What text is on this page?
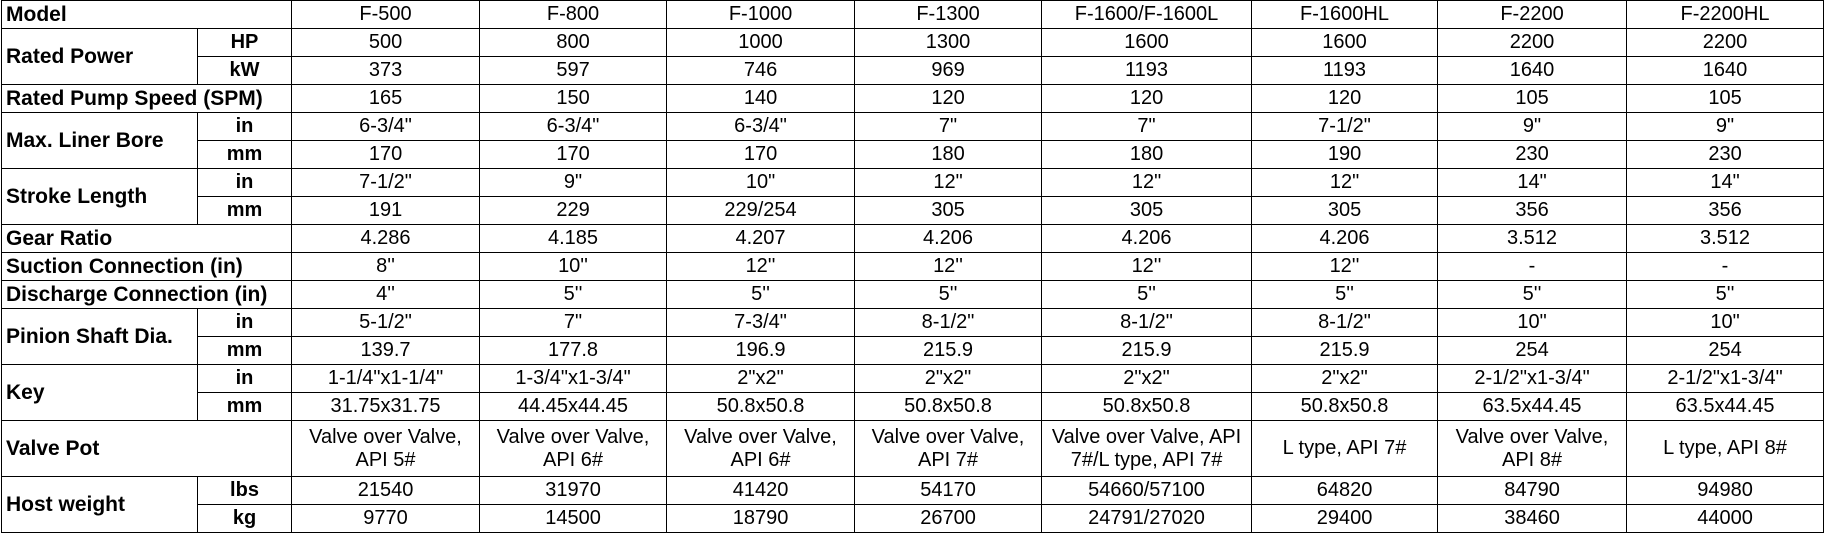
Model		F-500	F-800	F-1000	F-1300	F-1600/F-1600L	F-1600HL	F-2200	F-2200HL
Rated Power	HP	500	800	1000	1300	1600	1600	2200	2200
	kW	373	597	746	969	1193	1193	1640	1640
Rated Pump Speed (SPM)		165	150	140	120	120	120	105	105
Max. Liner Bore	in	6-3/4"	6-3/4"	6-3/4"	7"	7"	7-1/2"	9"	9"
	mm	170	170	170	180	180	190	230	230
Stroke Length	in	7-1/2"	9"	10"	12"	12"	12"	14"	14"
	mm	191	229	229/254	305	305	305	356	356
Gear Ratio		4.286	4.185	4.207	4.206	4.206	4.206	3.512	3.512
Suction Connection (in)		8''	10''	12''	12''	12''	12''	-	-
Discharge Connection (in)		4''	5''	5''	5''	5''	5''	5''	5''
Pinion Shaft Dia.	in	5-1/2"	7"	7-3/4"	8-1/2"	8-1/2"	8-1/2"	10"	10"
	mm	139.7	177.8	196.9	215.9	215.9	215.9	254	254
Key	in	1-1/4"x1-1/4"	1-3/4"x1-3/4"	2"x2"	2"x2"	2"x2"	2"x2"	2-1/2"x1-3/4"	2-1/2"x1-3/4"
	mm	31.75x31.75	44.45x44.45	50.8x50.8	50.8x50.8	50.8x50.8	50.8x50.8	63.5x44.45	63.5x44.45
Valve Pot		Valve over Valve, API 5#	Valve over Valve, API 6#	Valve over Valve, API 6#	Valve over Valve, API 7#	Valve over Valve, API 7#/L type, API 7#	L type, API 7#	Valve over Valve, API 8#	L type, API 8#
Host weight	lbs	21540	31970	41420	54170	54660/57100	64820	84790	94980
	kg	9770	14500	18790	26700	24791/27020	29400	38460	44000
